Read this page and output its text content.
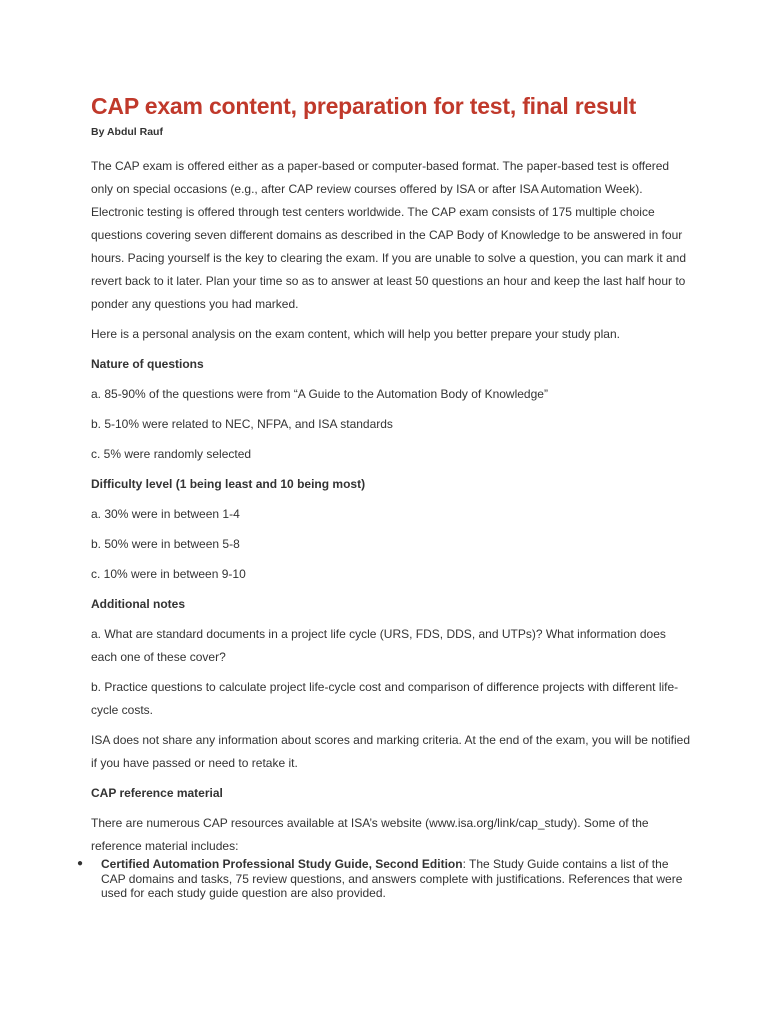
CAP exam content, preparation for test, final result
By Abdul Rauf

The CAP exam is offered either as a paper-based or computer-based format. The paper-based test is offered only on special occasions (e.g., after CAP review courses offered by ISA or after ISA Automation Week). Electronic testing is offered through test centers worldwide. The CAP exam consists of 175 multiple choice questions covering seven different domains as described in the CAP Body of Knowledge to be answered in four hours. Pacing yourself is the key to clearing the exam. If you are unable to solve a question, you can mark it and revert back to it later. Plan your time so as to answer at least 50 questions an hour and keep the last half hour to ponder any questions you had marked.

Here is a personal analysis on the exam content, which will help you better prepare your study plan.

Nature of questions

a. 85-90% of the questions were from “A Guide to the Automation Body of Knowledge”

b. 5-10% were related to NEC, NFPA, and ISA standards

c. 5% were randomly selected

Difficulty level (1 being least and 10 being most)

a. 30% were in between 1-4

b. 50% were in between 5-8

c. 10% were in between 9-10

Additional notes

a. What are standard documents in a project life cycle (URS, FDS, DDS, and UTPs)? What information does each one of these cover?

b. Practice questions to calculate project life-cycle cost and comparison of difference projects with different life-cycle costs.

ISA does not share any information about scores and marking criteria. At the end of the exam, you will be notified if you have passed or need to retake it.

CAP reference material

There are numerous CAP resources available at ISA’s website (www.isa.org/link/cap_study). Some of the reference material includes:

● Certified Automation Professional Study Guide, Second Edition: The Study Guide contains a list of the CAP domains and tasks, 75 review questions, and answers complete with justifications. References that were used for each study guide question are also provided.
